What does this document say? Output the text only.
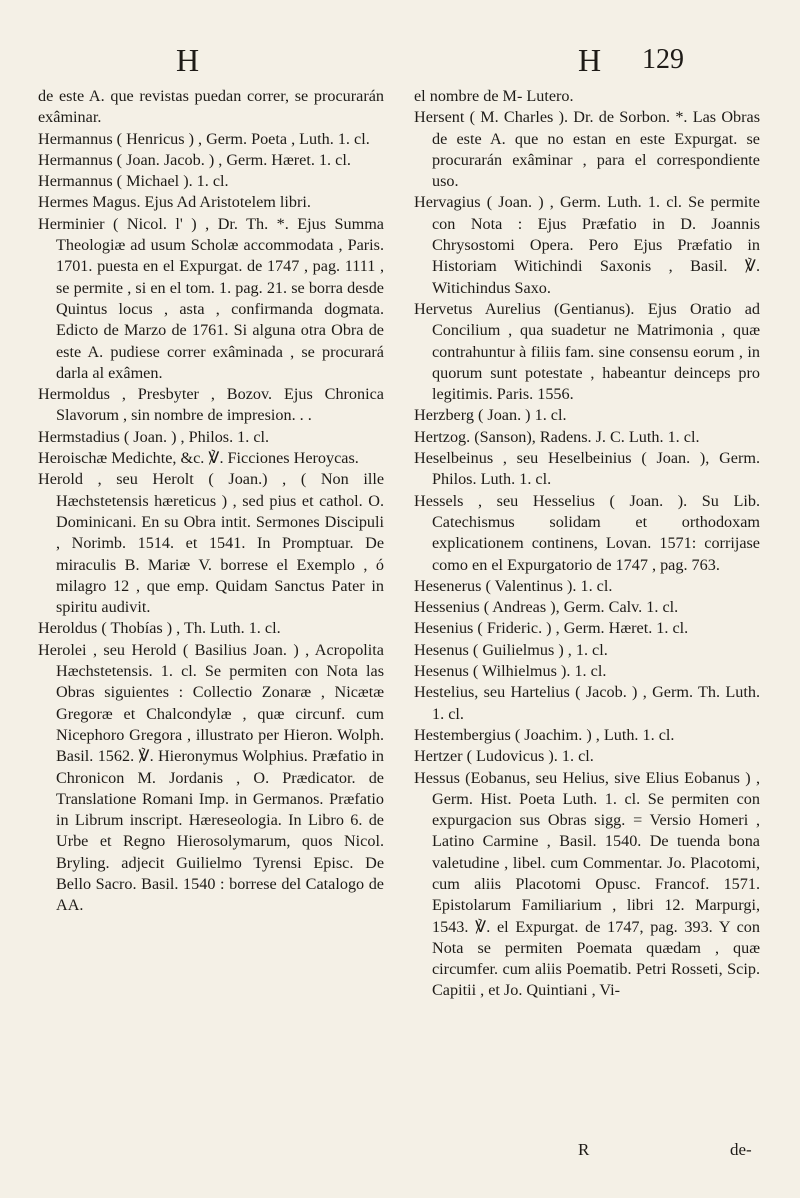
H	H 129

de este A. que revistas puedan correr, se procurarán exâminar.

Hermannus ( Henricus ) , Germ. Poeta , Luth. 1. cl.

Hermannus ( Joan. Jacob. ) , Germ. Hæret. 1. cl.

Hermannus ( Michael ). 1. cl.

Hermes Magus. Ejus Ad Aristotelem libri.

Herminier ( Nicol. l' ) , Dr. Th. *. Ejus Summa Theologiæ ad usum Scholæ accommodata , Paris. 1701. puesta en el Expurgat. de 1747 , pag. 1111 , se permite , si en el tom. 1. pag. 21. se borra desde Quintus locus , asta , confirmanda dogmata. Edicto de Marzo de 1761. Si alguna otra Obra de este A. pudiese correr exâminada , se procurará darla al exâmen.

Hermoldus , Presbyter , Bozov. Ejus Chronica Slavorum , sin nombre de impresion. . .

Hermstadius ( Joan. ) , Philos. 1. cl.

Heroischæ Medichte, &c. ℣. Ficciones Heroycas.

Herold , seu Herolt ( Joan.) , ( Non ille Hæchstetensis hæreticus ) , sed pius et cathol. O. Dominicani. En su Obra intit. Sermones Discipuli , Norimb. 1514. et 1541. In Promptuar. De miraculis B. Mariæ V. borrese el Exemplo , ó milagro 12 , que emp. Quidam Sanctus Pater in spiritu audivit.

Heroldus ( Thobías ) , Th. Luth. 1. cl.

Herolei , seu Herold ( Basilius Joan. ) , Acropolita Hæchstetensis. 1. cl. Se permiten con Nota las Obras siguientes : Collectio Zonaræ , Nicætæ Gregoræ et Chalcondylæ , quæ circunf. cum Nicephoro Gregora , illustrato per Hieron. Wolph. Basil. 1562. ℣. Hieronymus Wolphius. Præfatio in Chronicon M. Jordanis , O. Prædicator. de Translatione Romani Imp. in Germanos. Præfatio in Librum inscript. Hæreseologia. In Libro 6. de Urbe et Regno Hierosolymarum, quos Nicol. Bryling. adjecit Guilielmo Tyrensi Episc. De Bello Sacro. Basil. 1540 : borrese del Catalogo de AA.

el nombre de M- Lutero.

Hersent ( M. Charles ). Dr. de Sorbon. *. Las Obras de este A. que no estan en este Expurgat. se procurarán exâminar , para el correspondiente uso.

Hervagius ( Joan. ) , Germ. Luth. 1. cl. Se permite con Nota : Ejus Præfatio in D. Joannis Chrysostomi Opera. Pero Ejus Præfatio in Historiam Witichindi Saxonis , Basil. ℣. Witichindus Saxo.

Hervetus Aurelius (Gentianus). Ejus Oratio ad Concilium , qua suadetur ne Matrimonia , quæ contrahuntur à filiis fam. sine consensu eorum , in quorum sunt potestate , habeantur deinceps pro legitimis. Paris. 1556.

Herzberg ( Joan. ) 1. cl.

Hertzog. (Sanson), Radens. J. C. Luth. 1. cl.

Heselbeinus , seu Heselbeinius ( Joan. ), Germ. Philos. Luth. 1. cl.

Hessels , seu Hesselius ( Joan. ). Su Lib. Catechismus solidam et orthodoxam explicationem continens, Lovan. 1571: corrijase como en el Expurgatorio de 1747 , pag. 763.

Hesenerus ( Valentinus ). 1. cl.

Hessenius ( Andreas ), Germ. Calv. 1. cl.

Hesenius ( Frideric. ) , Germ. Hæret. 1. cl.

Hesenus ( Guilielmus ) , 1. cl.

Hesenus ( Wilhielmus ). 1. cl.

Hestelius, seu Hartelius ( Jacob. ) , Germ. Th. Luth. 1. cl.

Hestembergius ( Joachim. ) , Luth. 1. cl.

Hertzer ( Ludovicus ). 1. cl.

Hessus (Eobanus, seu Helius, sive Elius Eobanus ) , Germ. Hist. Poeta Luth. 1. cl. Se permiten con expurgacion sus Obras sigg. = Versio Homeri , Latino Carmine , Basil. 1540. De tuenda bona valetudine , libel. cum Commentar. Jo. Placotomi, cum aliis Placotomi Opusc. Francof. 1571. Epistolarum Familiarium , libri 12. Marpurgi, 1543. ℣. el Expurgat. de 1747, pag. 393. Y con Nota se permiten Poemata quædam , quæ circumfer. cum aliis Poematib. Petri Rosseti, Scip. Capitii , et Jo. Quintiani , Vi-

R	de-
